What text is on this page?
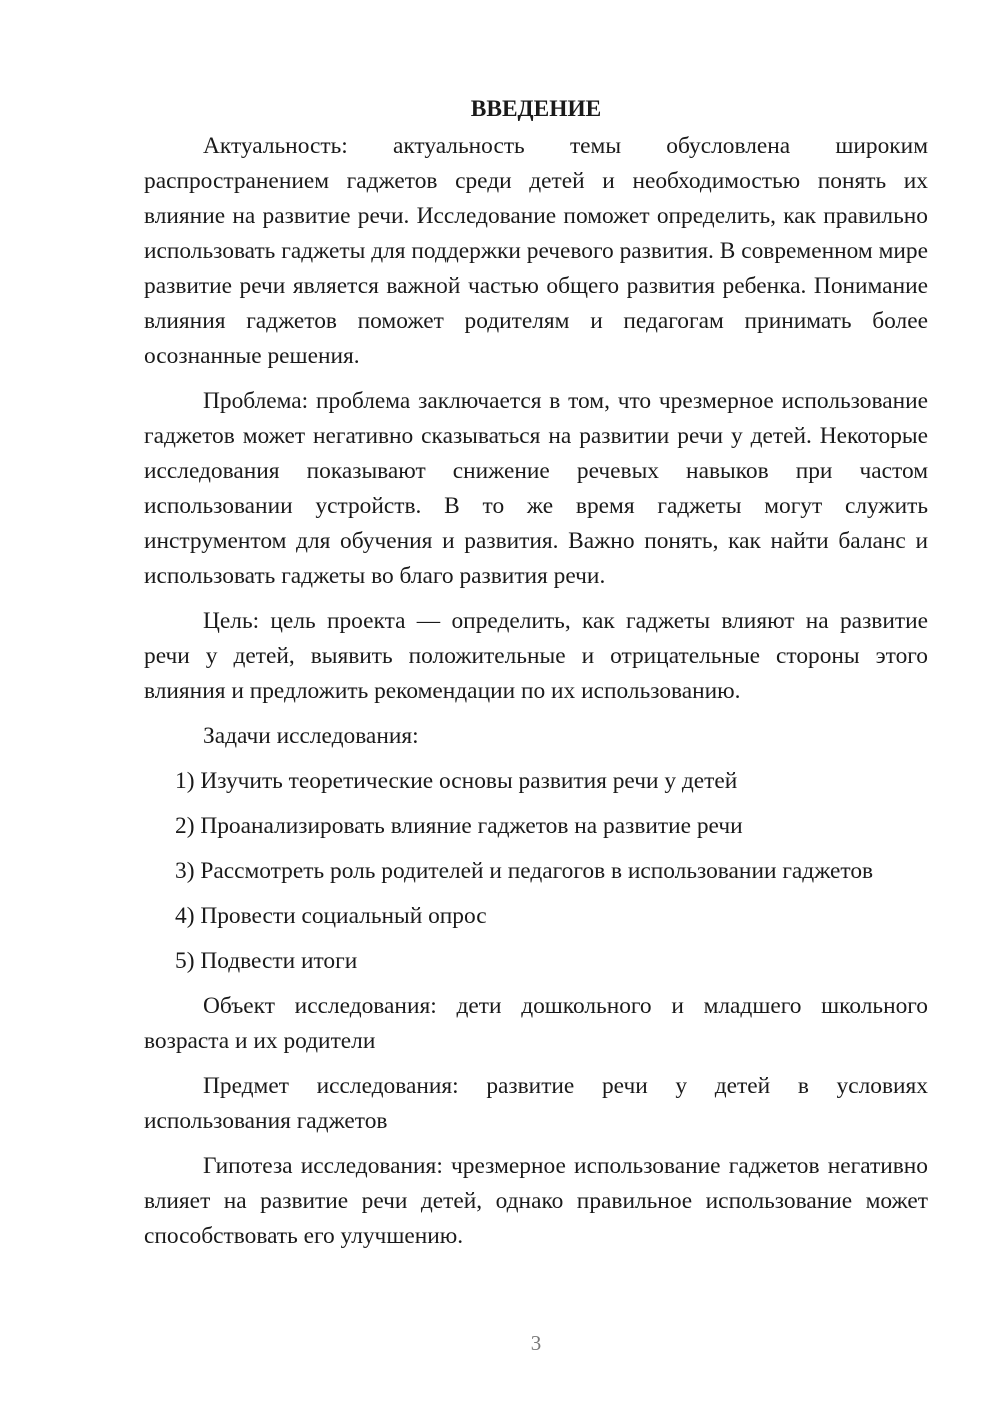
ВВЕДЕНИЕ

Актуальность: актуальность темы обусловлена широким распространением гаджетов среди детей и необходимостью понять их влияние на развитие речи. Исследование поможет определить, как правильно использовать гаджеты для поддержки речевого развития. В современном мире развитие речи является важной частью общего развития ребенка. Понимание влияния гаджетов поможет родителям и педагогам принимать более осознанные решения.

Проблема: проблема заключается в том, что чрезмерное использование гаджетов может негативно сказываться на развитии речи у детей. Некоторые исследования показывают снижение речевых навыков при частом использовании устройств. В то же время гаджеты могут служить инструментом для обучения и развития. Важно понять, как найти баланс и использовать гаджеты во благо развития речи.

Цель: цель проекта — определить, как гаджеты влияют на развитие речи у детей, выявить положительные и отрицательные стороны этого влияния и предложить рекомендации по их использованию.

Задачи исследования:

1) Изучить теоретические основы развития речи у детей
2) Проанализировать влияние гаджетов на развитие речи
3) Рассмотреть роль родителей и педагогов в использовании гаджетов
4) Провести социальный опрос
5) Подвести итоги

Объект исследования: дети дошкольного и младшего школьного возраста и их родители

Предмет исследования: развитие речи у детей в условиях использования гаджетов

Гипотеза исследования: чрезмерное использование гаджетов негативно влияет на развитие речи детей, однако правильное использование может способствовать его улучшению.

3
